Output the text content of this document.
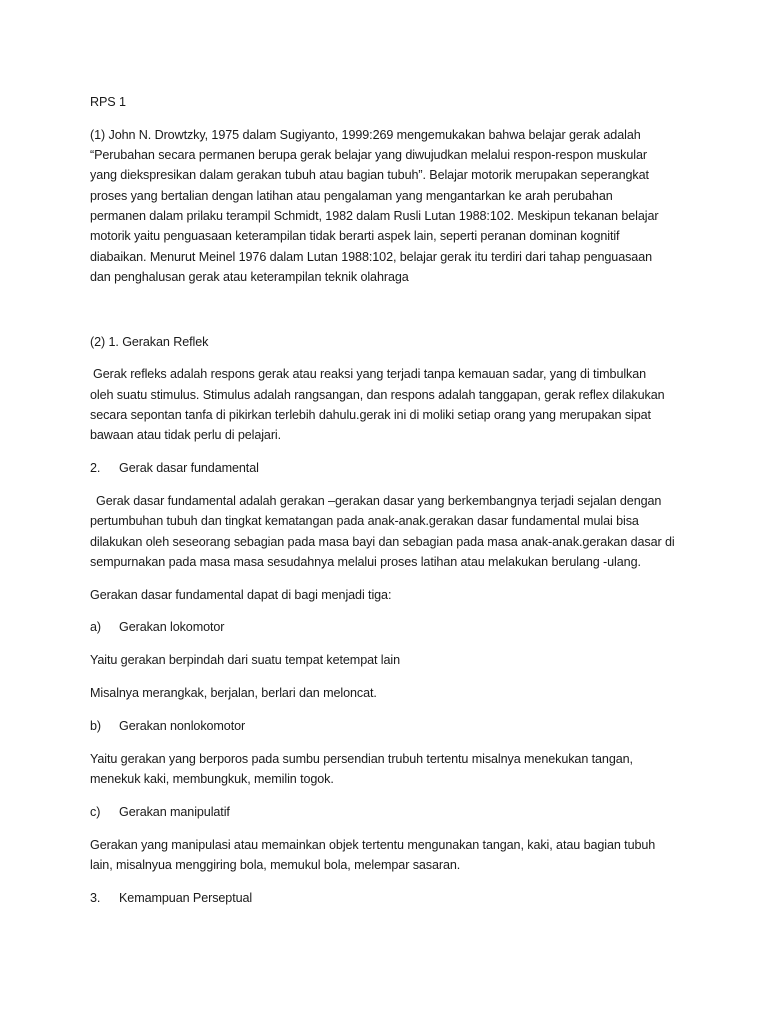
RPS 1

(1) John N. Drowtzky, 1975 dalam Sugiyanto, 1999:269 mengemukakan bahwa belajar gerak adalah
“Perubahan secara permanen berupa gerak belajar yang diwujudkan melalui respon-respon muskular
yang diekspresikan dalam gerakan tubuh atau bagian tubuh”. Belajar motorik merupakan seperangkat
proses yang bertalian dengan latihan atau pengalaman yang mengantarkan ke arah perubahan
permanen dalam prilaku terampil Schmidt, 1982 dalam Rusli Lutan 1988:102. Meskipun tekanan belajar
motorik yaitu penguasaan keterampilan tidak berarti aspek lain, seperti peranan dominan kognitif
diabaikan. Menurut Meinel 1976 dalam Lutan 1988:102, belajar gerak itu terdiri dari tahap penguasaan
dan penghalusan gerak atau keterampilan teknik olahraga

(2) 1. Gerakan Reflek

Gerak refleks adalah respons gerak atau reaksi yang terjadi tanpa kemauan sadar, yang di timbulkan
oleh suatu stimulus. Stimulus adalah rangsangan, dan respons adalah tanggapan, gerak reflex dilakukan
secara sepontan tanfa di pikirkan terlebih dahulu.gerak ini di moliki setiap orang yang merupakan sipat
bawaan atau tidak perlu di pelajari.

2. Gerak dasar fundamental

Gerak dasar fundamental adalah gerakan –gerakan dasar yang berkembangnya terjadi sejalan dengan
pertumbuhan tubuh dan tingkat kematangan pada anak-anak.gerakan dasar fundamental mulai bisa
dilakukan oleh seseorang sebagian pada masa bayi dan sebagian pada masa anak-anak.gerakan dasar di
sempurnakan pada masa masa sesudahnya melalui proses latihan atau melakukan berulang -ulang.

Gerakan dasar fundamental dapat di bagi menjadi tiga:

a) Gerakan lokomotor

Yaitu gerakan berpindah dari suatu tempat ketempat lain

Misalnya merangkak, berjalan, berlari dan meloncat.

b) Gerakan nonlokomotor

Yaitu gerakan yang berporos pada sumbu persendian trubuh tertentu misalnya menekukan tangan,
menekuk kaki, membungkuk, memilin togok.

c) Gerakan manipulatif

Gerakan yang manipulasi atau memainkan objek tertentu mengunakan tangan, kaki, atau bagian tubuh
lain, misalnyua menggiring bola, memukul bola, melempar sasaran.

3. Kemampuan Perseptual
